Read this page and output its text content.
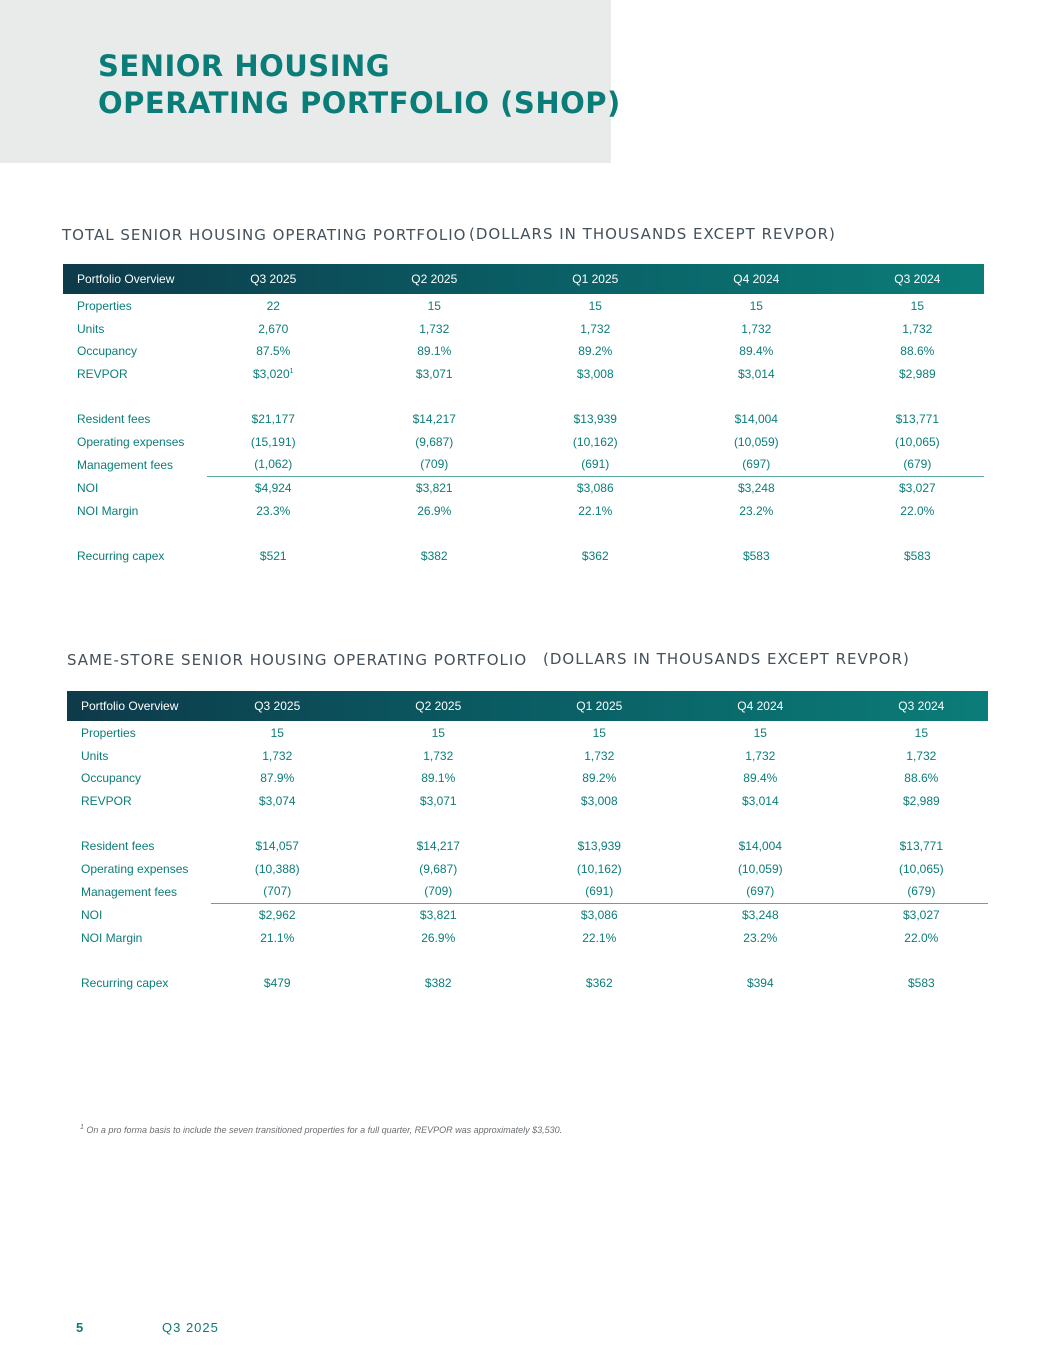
SENIOR HOUSING
OPERATING PORTFOLIO (SHOP)
TOTAL SENIOR HOUSING OPERATING PORTFOLIO (DOLLARS IN THOUSANDS EXCEPT REVPOR)
Portfolio Overview	Q3 2025	Q2 2025	Q1 2025	Q4 2024	Q3 2024
Properties	22	15	15	15	15
Units	2,670	1,732	1,732	1,732	1,732
Occupancy	87.5%	89.1%	89.2%	89.4%	88.6%
REVPOR	$3,020$^1$	$3,071	$3,008	$3,014	$2,989

Resident fees	$21,177	$14,217	$13,939	$14,004	$13,771
Operating expenses	(15,191)	(9,687)	(10,162)	(10,059)	(10,065)
Management fees	(1,062)	(709)	(691)	(697)	(679)
NOI	$4,924	$3,821	$3,086	$3,248	$3,027
NOI Margin	23.3%	26.9%	22.1%	23.2%	22.0%

Recurring capex	$521	$382	$362	$583	$583
SAME-STORE SENIOR HOUSING OPERATING PORTFOLIO (DOLLARS IN THOUSANDS EXCEPT REVPOR)
Portfolio Overview	Q3 2025	Q2 2025	Q1 2025	Q4 2024	Q3 2024
Properties	15	15	15	15	15
Units	1,732	1,732	1,732	1,732	1,732
Occupancy	87.9%	89.1%	89.2%	89.4%	88.6%
REVPOR	$3,074	$3,071	$3,008	$3,014	$2,989

Resident fees	$14,057	$14,217	$13,939	$14,004	$13,771
Operating expenses	(10,388)	(9,687)	(10,162)	(10,059)	(10,065)
Management fees	(707)	(709)	(691)	(697)	(679)
NOI	$2,962	$3,821	$3,086	$3,248	$3,027
NOI Margin	21.1%	26.9%	22.1%	23.2%	22.0%

Recurring capex	$479	$382	$362	$394	$583
$^1$ On a pro forma basis to include the seven transitioned properties for a full quarter, REVPOR was approximately $3,530.
5	Q3 2025
